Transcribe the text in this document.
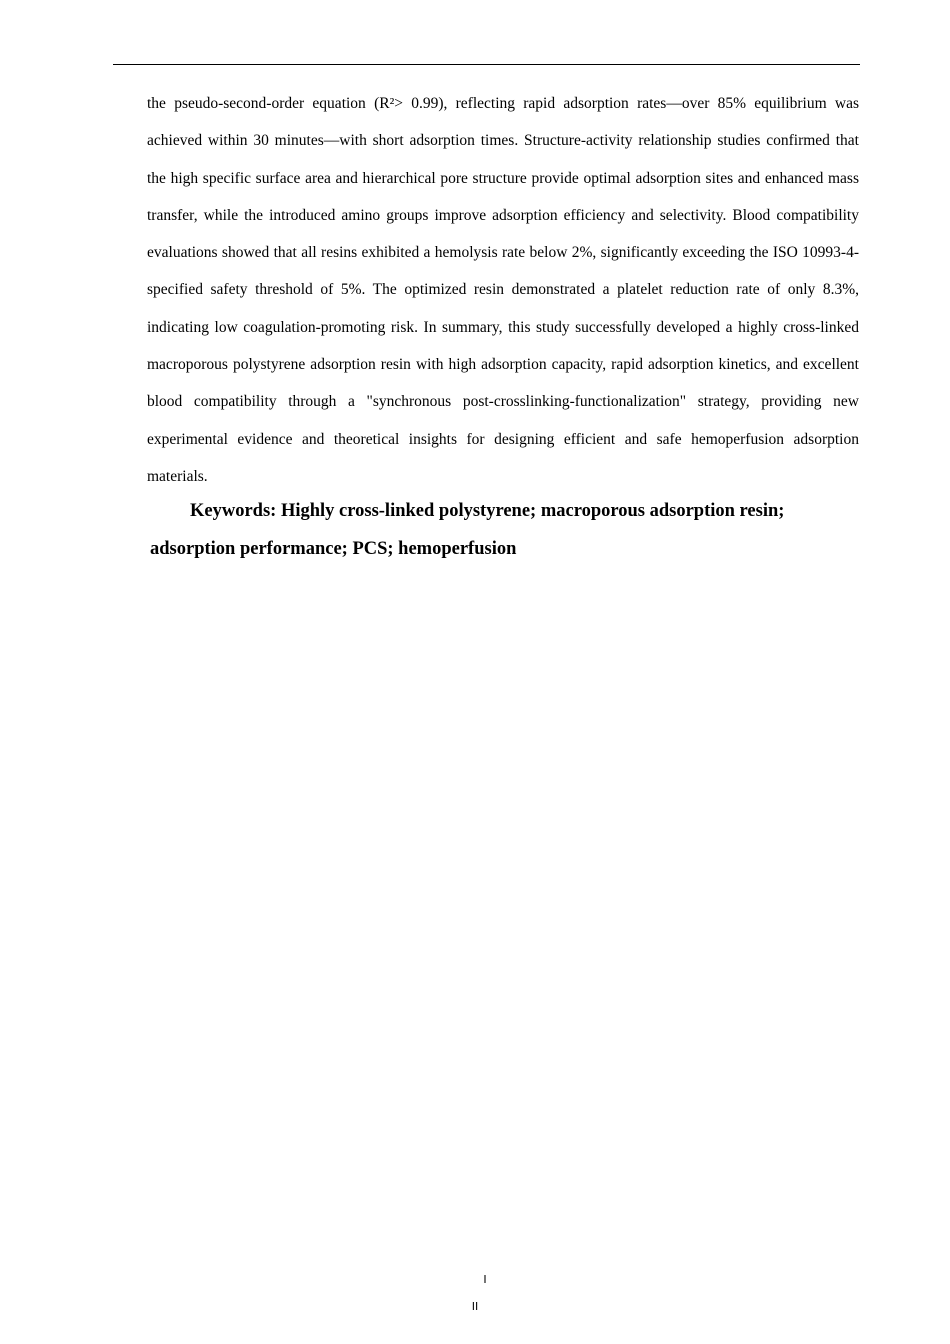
the pseudo-second-order equation (R²> 0.99), reflecting rapid adsorption rates—over 85% equilibrium was achieved within 30 minutes—with short adsorption times. Structure-activity relationship studies confirmed that the high specific surface area and hierarchical pore structure provide optimal adsorption sites and enhanced mass transfer, while the introduced amino groups improve adsorption efficiency and selectivity. Blood compatibility evaluations showed that all resins exhibited a hemolysis rate below 2%, significantly exceeding the ISO 10993-4-specified safety threshold of 5%. The optimized resin demonstrated a platelet reduction rate of only 8.3%, indicating low coagulation-promoting risk. In summary, this study successfully developed a highly cross-linked macroporous polystyrene adsorption resin with high adsorption capacity, rapid adsorption kinetics, and excellent blood compatibility through a "synchronous post-crosslinking-functionalization" strategy, providing new experimental evidence and theoretical insights for designing efficient and safe hemoperfusion adsorption materials.

Keywords: Highly cross-linked polystyrene; macroporous adsorption resin; adsorption performance; PCS; hemoperfusion

I
II
